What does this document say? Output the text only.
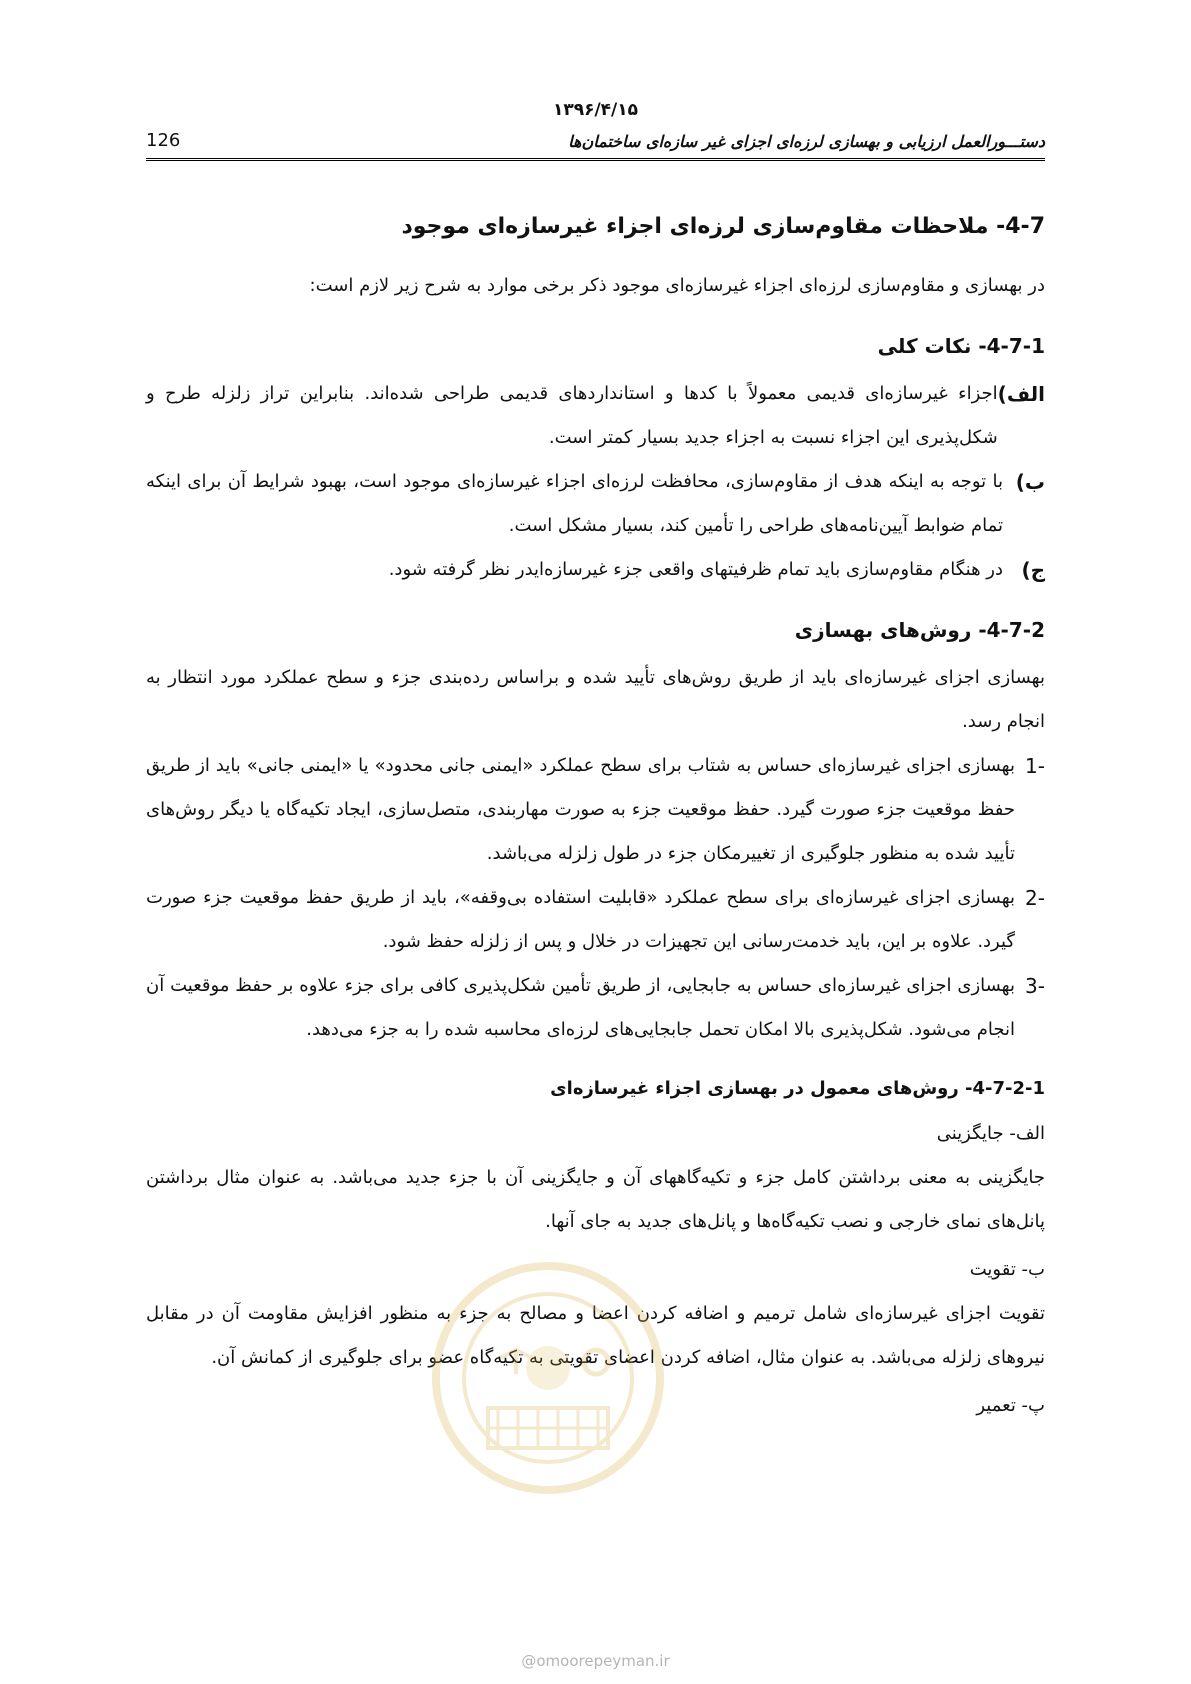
۱۳۹۶/۴/۱۵
دستـــورالعمل ارزیابی و بهسازی لرزه‌ای اجزای غیر سازه‌ای ساختمان‌ها
126
4-7- ملاحظات مقاوم‌سازی لرزه‌ای اجزاء غیرسازه‌ای موجود

در بهسازی و مقاوم‌سازی لرزه‌ای اجزاء غیرسازه‌ای موجود ذکر برخی موارد به شرح زیر لازم است:

4-7-1- نکات کلی
الف)
اجزاء غیرسازه‌ای قدیمی معمولاً با کدها و استانداردهای قدیمی طراحی شده‌اند. بنابراین تراز زلزله طرح و شکل‌پذیری این اجزاء نسبت به اجزاء جدید بسیار کمتر است.
ب)
با توجه به اینکه هدف از مقاوم‌سازی، محافظت لرزه‌ای اجزاء غیرسازه‌ای موجود است، بهبود شرایط آن برای اینکه تمام ضوابط آیین‌نامه‌های طراحی را تأمین کند، بسیار مشکل است.
ج)
در هنگام مقاوم‌سازی باید تمام ظرفیتهای واقعی جزء غیرسازه‌ایدر نظر گرفته شود.
4-7-2- روش‌های بهسازی

بهسازی اجزای غیرسازه‌ای باید از طریق روش‌های تأیید شده و براساس رده‌بندی جزء و سطح عملکرد مورد انتظار به انجام رسد.

1-
بهسازی اجزای غیرسازه‌ای حساس به شتاب برای سطح عملکرد «ایمنی جانی محدود» یا «ایمنی جانی» باید از طریق حفظ موقعیت جزء صورت گیرد. حفظ موقعیت جزء به صورت مهاربندی، متصل‌سازی، ایجاد تکیه‌گاه یا دیگر روش‌های تأیید شده به منظور جلوگیری از تغییرمکان جزء در طول زلزله می‌باشد.
2-
بهسازی اجزای غیرسازه‌ای برای سطح عملکرد «قابلیت استفاده بی‌وقفه»، باید از طریق حفظ موقعیت جزء صورت گیرد. علاوه بر این، باید خدمت‌رسانی این تجهیزات در خلال و پس از زلزله حفظ شود.
3-
بهسازی اجزای غیرسازه‌ای حساس به جابجایی، از طریق تأمین شکل‌پذیری کافی برای جزء علاوه بر حفظ موقعیت آن انجام می‌شود. شکل‌پذیری بالا امکان تحمل جابجایی‌های لرزه‌ای محاسبه شده را به جزء می‌دهد.
4-7-2-1- روش‌های معمول در بهسازی اجزاء غیرسازه‌ای

الف- جایگزینی

جایگزینی به معنی برداشتن کامل جزء و تکیه‌گاههای آن و جایگزینی آن با جزء جدید می‌باشد. به عنوان مثال برداشتن پانل‌های نمای خارجی و نصب تکیه‌گاه‌ها و پانل‌های جدید به جای آنها.

ب- تقویت

تقویت اجزای غیرسازه‌ای شامل ترمیم و اضافه کردن اعضا و مصالح به جزء به منظور افزایش مقاومت آن در مقابل نیروهای زلزله می‌باشد. به عنوان مثال، اضافه کردن اعضای تقویتی به تکیه‌گاه عضو برای جلوگیری از کمانش آن.

پ- تعمیر

@omoorepeyman.ir
